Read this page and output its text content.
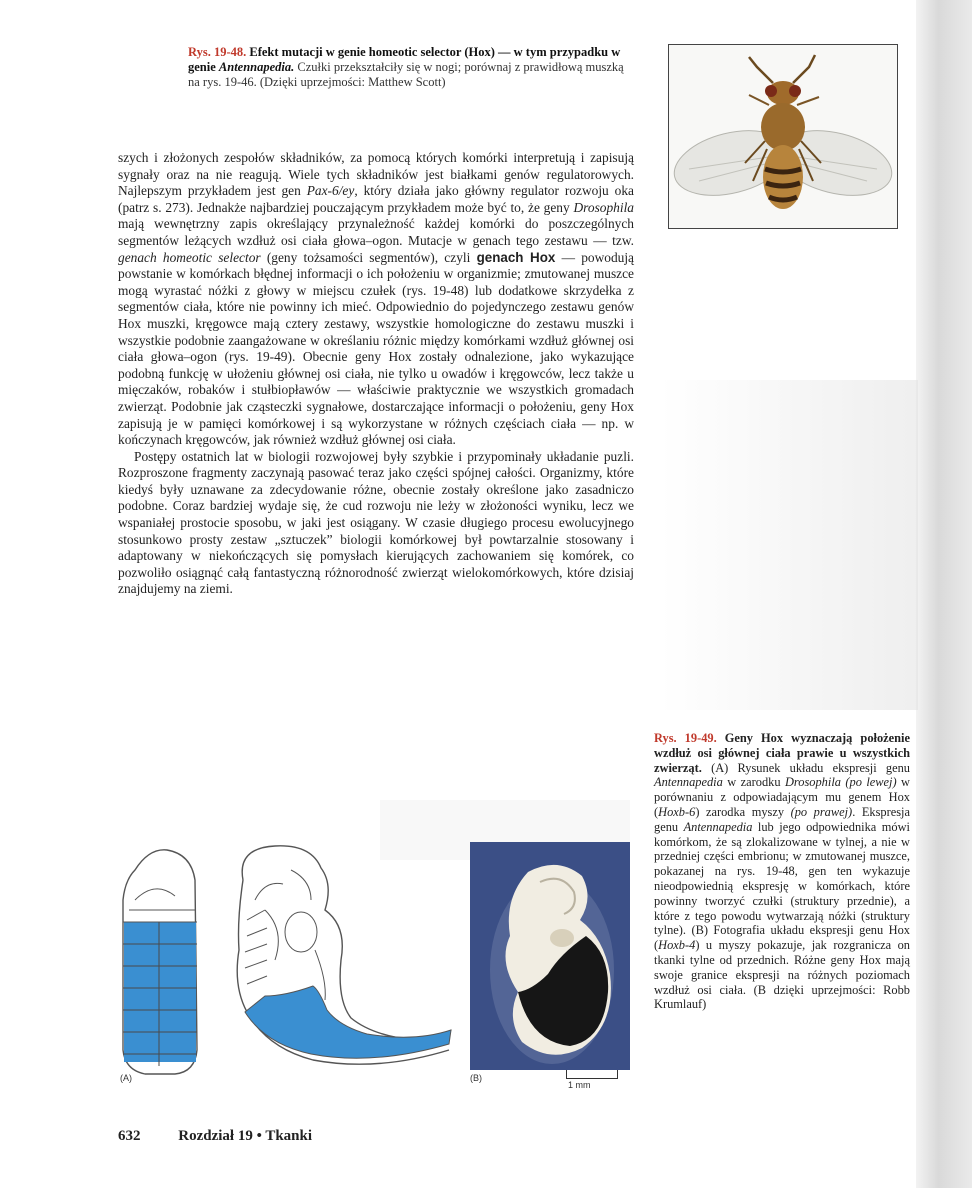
Rys. 19-48. Efekt mutacji w genie homeotic selector (Hox) — w tym przypadku w genie Antennapedia. Czułki przekształciły się w nogi; porównaj z prawidłową muszką na rys. 19-46. (Dzięki uprzejmości: Matthew Scott)

szych i złożonych zespołów składników, za pomocą których komórki interpretują i zapisują sygnały oraz na nie reagują. Wiele tych składników jest białkami genów regulatorowych. Najlepszym przykładem jest gen Pax-6/ey, który działa jako główny regulator rozwoju oka (patrz s. 273). Jednakże najbardziej pouczającym przykładem może być to, że geny Drosophila mają wewnętrzny zapis określający przynależność każdej komórki do poszczególnych segmentów leżących wzdłuż osi ciała głowa–ogon. Mutacje w genach tego zestawu — tzw. genach homeotic selector (geny tożsamości segmentów), czyli genach Hox — powodują powstanie w komórkach błędnej informacji o ich położeniu w organizmie; zmutowanej muszce mogą wyrastać nóżki z głowy w miejscu czułek (rys. 19-48) lub dodatkowe skrzydełka z segmentów ciała, które nie powinny ich mieć. Odpowiednio do pojedynczego zestawu genów Hox muszki, kręgowce mają cztery zestawy, wszystkie homologiczne do zestawu muszki i wszystkie podobnie zaangażowane w określaniu różnic między komórkami wzdłuż głównej osi ciała głowa–ogon (rys. 19-49). Obecnie geny Hox zostały odnalezione, jako wykazujące podobną funkcję w ułożeniu głównej osi ciała, nie tylko u owadów i kręgowców, lecz także u mięczaków, robaków i stułbiopławów — właściwie praktycznie we wszystkich gromadach zwierząt. Podobnie jak cząsteczki sygnałowe, dostarczające informacji o położeniu, geny Hox zapisują je w pamięci komórkowej i są wykorzystane w różnych częściach ciała — np. w kończynach kręgowców, jak również wzdłuż głównej osi ciała.

Postępy ostatnich lat w biologii rozwojowej były szybkie i przypominały układanie puzli. Rozproszone fragmenty zaczynają pasować teraz jako części spójnej całości. Organizmy, które kiedyś były uznawane za zdecydowanie różne, obecnie zostały określone jako zasadniczo podobne. Coraz bardziej wydaje się, że cud rozwoju nie leży w złożoności wyniku, lecz we wspaniałej prostocie sposobu, w jaki jest osiągany. W czasie długiego procesu ewolucyjnego stosunkowo prosty zestaw „sztuczek” biologii komórkowej był powtarzalnie stosowany i adaptowany w niekończących się pomysłach kierujących zachowaniem się komórek, co pozwoliło osiągnąć całą fantastyczną różnorodność zwierząt wielokomórkowych, które dzisiaj znajdujemy na ziemi.

Rys. 19-49. Geny Hox wyznaczają położenie wzdłuż osi głównej ciała prawie u wszystkich zwierząt. (A) Rysunek układu ekspresji genu Antennapedia w zarodku Drosophila (po lewej) w porównaniu z odpowiadającym mu genem Hox (Hoxb-6) zarodka myszy (po prawej). Ekspresja genu Antennapedia lub jego odpowiednika mówi komórkom, że są zlokalizowane w tylnej, a nie w przedniej części embrionu; w zmutowanej muszce, pokazanej na rys. 19-48, gen ten wykazuje nieodpowiednią ekspresję w komórkach, które powinny tworzyć czułki (struktury przednie), a które z tego powodu wytwarzają nóżki (struktury tylne). (B) Fotografia układu ekspresji genu Hox (Hoxb-4) u myszy pokazuje, jak rozgranicza on tkanki tylne od przednich. Różne geny Hox mają swoje granice ekspresji na różnych poziomach wzdłuż osi ciała. (B dzięki uprzejmości: Robb Krumlauf)
(A)	(B)
1 mm
632	Rozdział 19 • Tkanki
